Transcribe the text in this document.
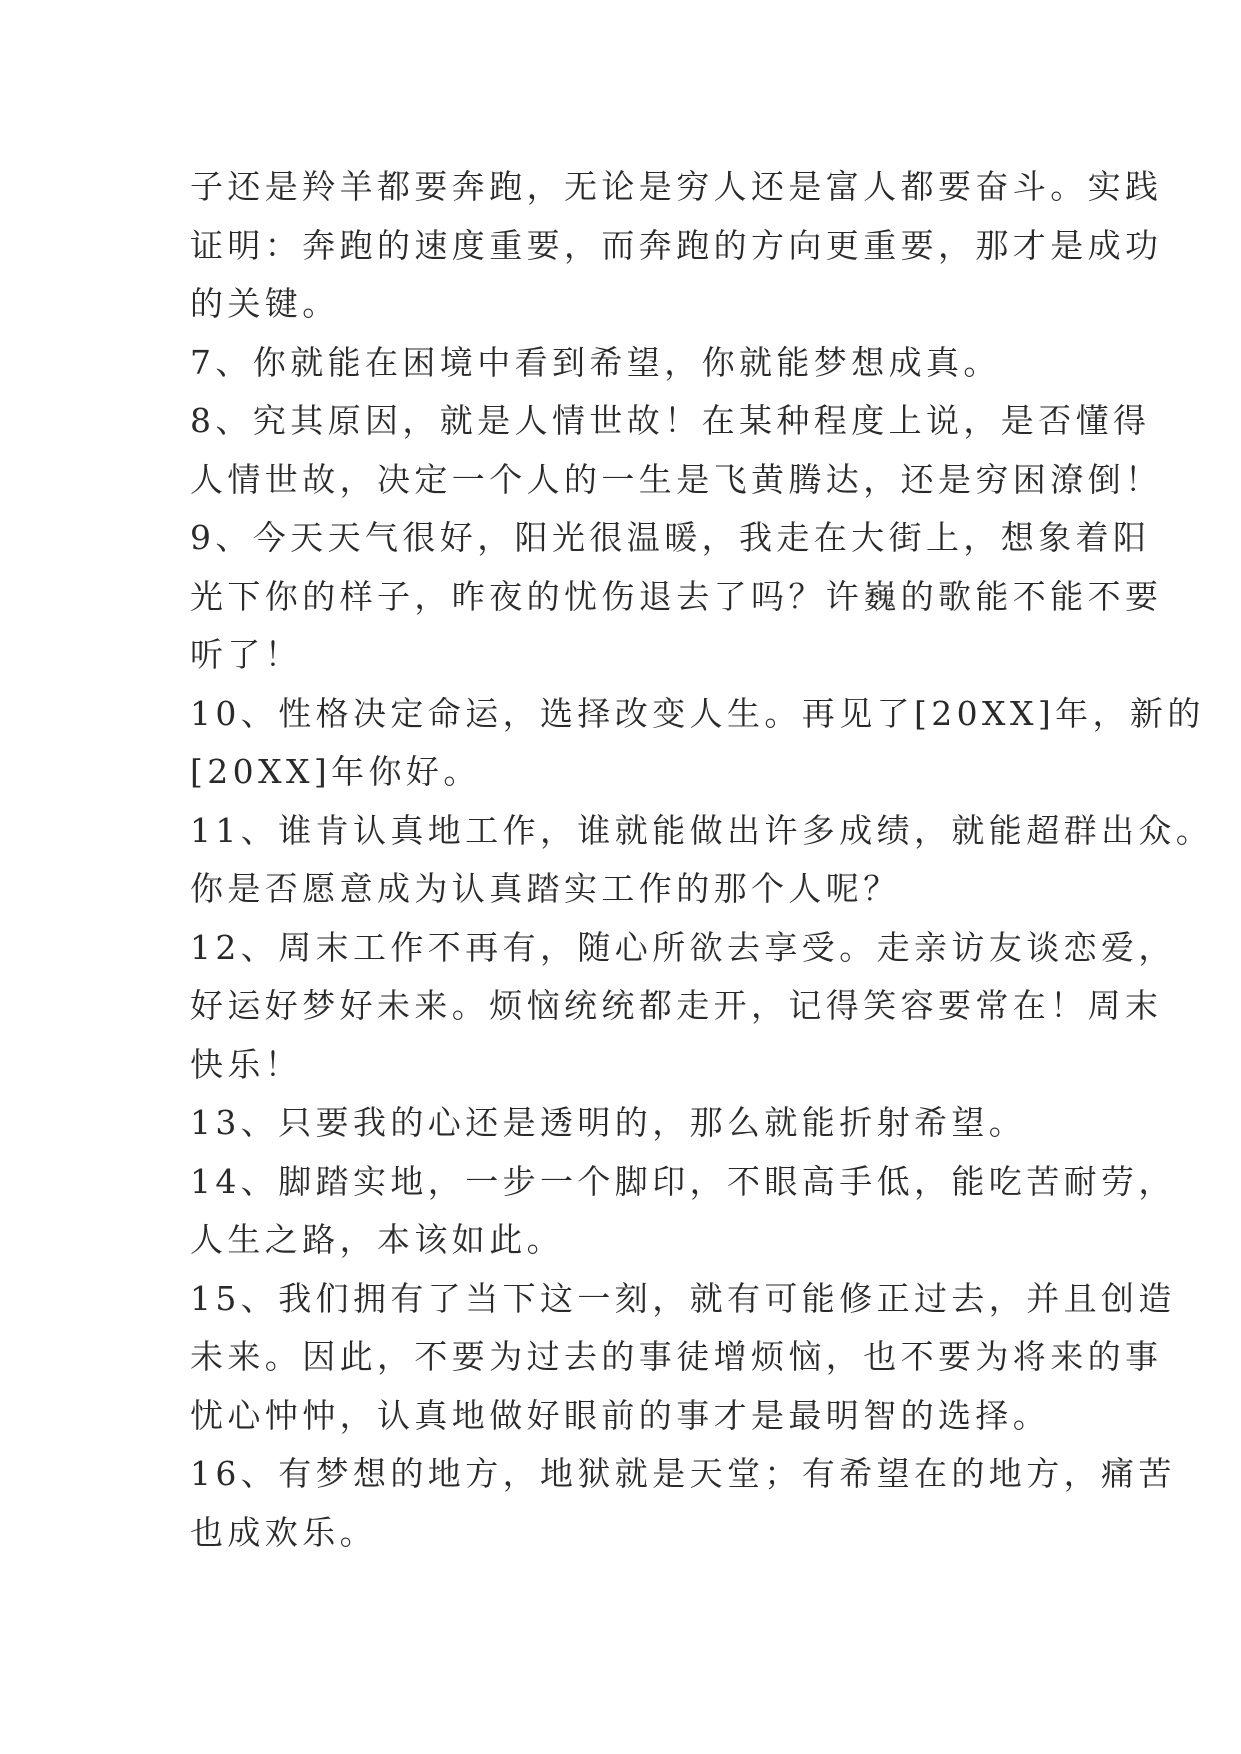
子还是羚羊都要奔跑，无论是穷人还是富人都要奋斗。实践
证明：奔跑的速度重要，而奔跑的方向更重要，那才是成功
的关键。
7、你就能在困境中看到希望，你就能梦想成真。
8、究其原因，就是人情世故！在某种程度上说，是否懂得
人情世故，决定一个人的一生是飞黄腾达，还是穷困潦倒！
9、今天天气很好，阳光很温暖，我走在大街上，想象着阳
光下你的样子，昨夜的忧伤退去了吗？许巍的歌能不能不要
听了！
10、性格决定命运，选择改变人生。再见了[20XX]年，新的
[20XX]年你好。
11、谁肯认真地工作，谁就能做出许多成绩，就能超群出众。
你是否愿意成为认真踏实工作的那个人呢？
12、周末工作不再有，随心所欲去享受。走亲访友谈恋爱，
好运好梦好未来。烦恼统统都走开，记得笑容要常在！周末
快乐！
13、只要我的心还是透明的，那么就能折射希望。
14、脚踏实地，一步一个脚印，不眼高手低，能吃苦耐劳，
人生之路，本该如此。
15、我们拥有了当下这一刻，就有可能修正过去，并且创造
未来。因此，不要为过去的事徒增烦恼，也不要为将来的事
忧心忡忡，认真地做好眼前的事才是最明智的选择。
16、有梦想的地方，地狱就是天堂；有希望在的地方，痛苦
也成欢乐。
